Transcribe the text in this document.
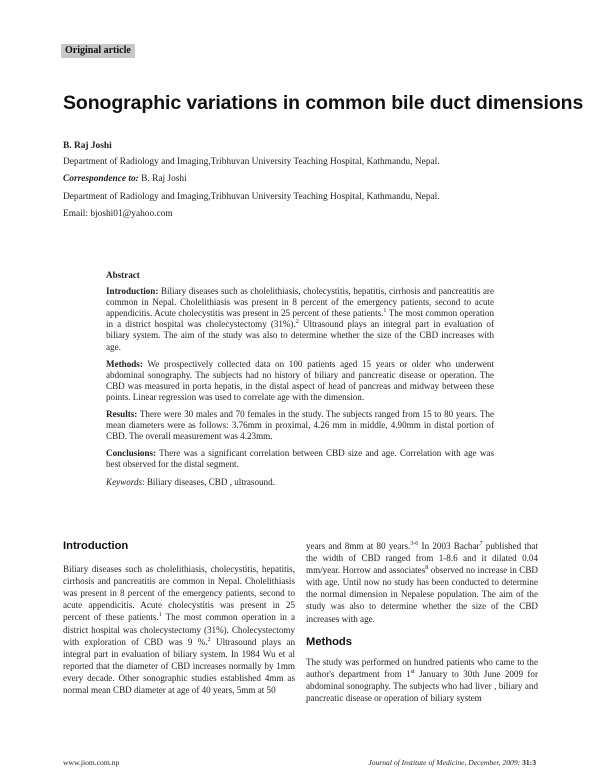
Original article
Sonographic variations in common bile duct dimensions
B. Raj Joshi
Department of Radiology and Imaging,Tribhuvan University Teaching Hospital, Kathmandu, Nepal.
Correspondence to: B. Raj Joshi
Department of Radiology and Imaging,Tribhuvan University Teaching Hospital, Kathmandu, Nepal.
Email: bjoshi01@yahoo.com

Abstract

Introduction: Biliary diseases such as cholelithiasis, cholecystitis, hepatitis, cirrhosis and pancreatitis are common in Nepal. Cholelithiasis was present in 8 percent of the emergency patients, second to acute appendicitis. Acute cholecystitis was present in 25 percent of these patients.$^1$ The most common operation in a district hospital was cholecystectomy (31%).$^2$ Ultrasound plays an integral part in evaluation of biliary system. The aim of the study was also to determine whether the size of the CBD increases with age.

Methods: We prospectively collected data on 100 patients aged 15 years or older who underwent abdominal sonography. The subjects had no history of biliary and pancreatic disease or operation. The CBD was measured in porta hepatis, in the distal aspect of head of pancreas and midway between these points. Linear regression was used to correlate age with the dimension.

Results: There were 30 males and 70 females in the study. The subjects ranged from 15 to 80 years. The mean diameters were as follows: 3.76mm in proximal, 4.26 mm in middle, 4.90mm in distal portion of CBD. The overall measurement was 4.23mm.

Conclusions: There was a significant correlation between CBD size and age. Correlation with age was best observed for the distal segment.

Keywords: Biliary diseases, CBD , ultrasound.

Introduction

Biliary diseases such as cholelithiasis, cholecystitis, hepatitis, cirrhosis and pancreatitis are common in Nepal. Cholelithiasis was present in 8 percent of the emergency patients, second to acute appendicitis. Acute cholecystitis was present in 25 percent of these patients.$^1$ The most common operation in a district hospital was cholecystectomy (31%). Cholecystectomy with exploration of CBD was 9 %.$^2$ Ultrasound plays an integral part in evaluation of biliary system. In 1984 Wu et al reported that the diameter of CBD increases normally by 1mm every decade. Other sonographic studies established 4mm as normal mean CBD diameter at age of 40 years, 5mm at 50

years and 8mm at 80 years.$^{3-6}$ In 2003 Bachar$^7$ published that the width of CBD ranged from 1-8.6 and it dilated 0.04 mm/year. Horrow and associates$^8$ observed no increase in CBD with age. Until now no study has been conducted to determine the normal dimension in Nepalese population. The aim of the study was also to determine whether the size of the CBD increases with age.

Methods

The study was performed on hundred patients who came to the author's department from 1st January to 30th June 2009 for abdominal sonography. The subjects who had liver , biliary and pancreatic disease or operation of biliary system

www.jiom.com.np	Journal of Institute of Medicine, December, 2009; 31:3
